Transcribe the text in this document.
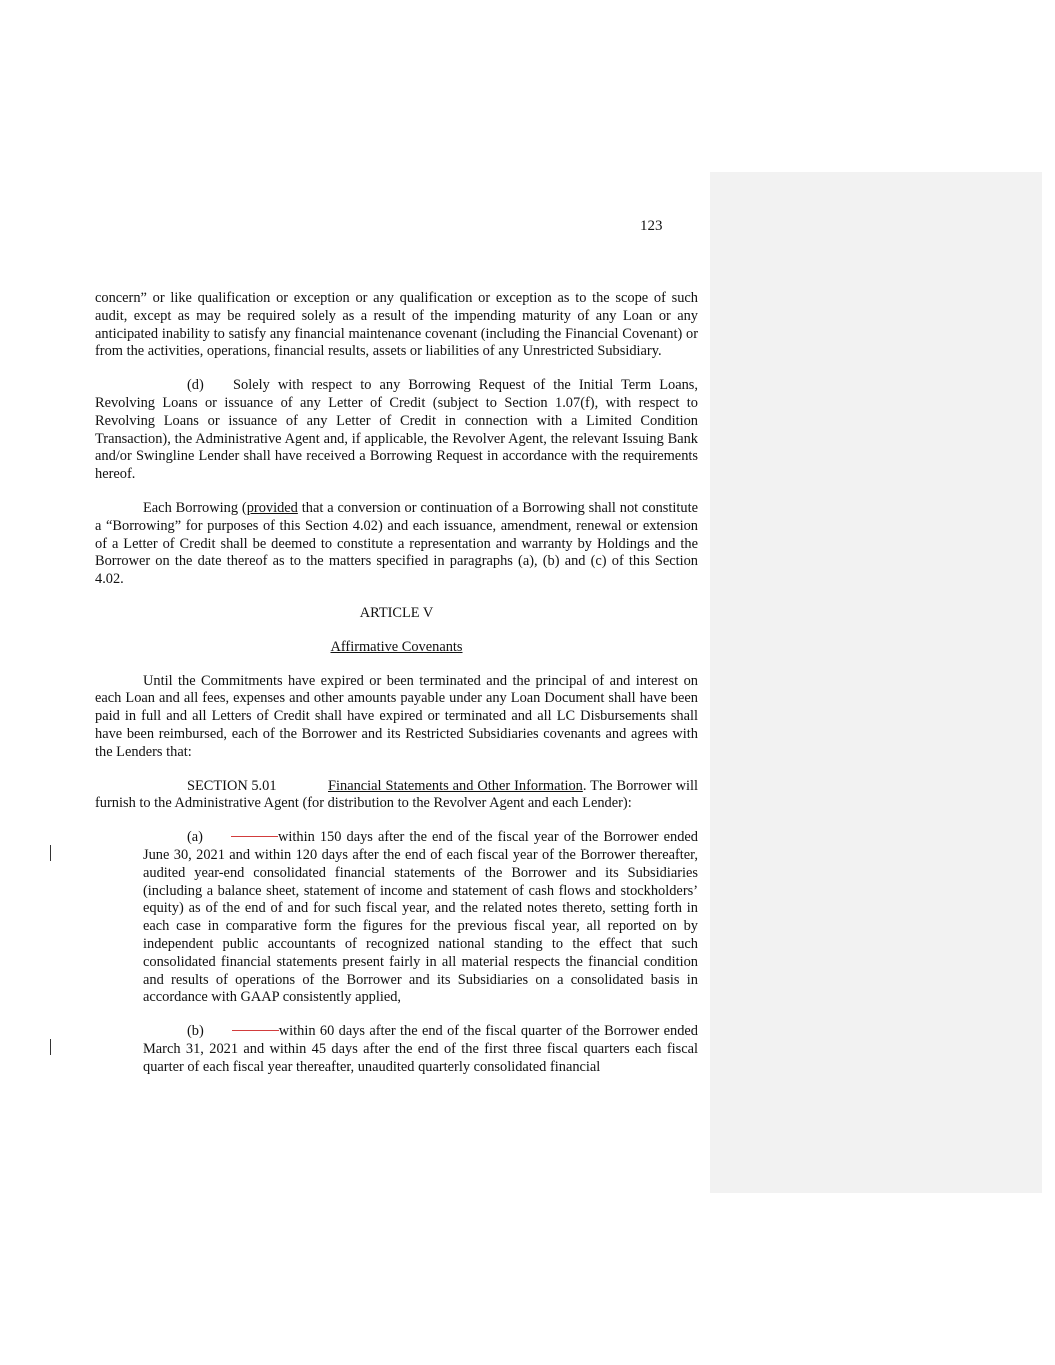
123

concern” or like qualification or exception or any qualification or exception as to the scope of such audit, except as may be required solely as a result of the impending maturity of any Loan or any anticipated inability to satisfy any financial maintenance covenant (including the Financial Covenant) or from the activities, operations, financial results, assets or liabilities of any Unrestricted Subsidiary.

(d) Solely with respect to any Borrowing Request of the Initial Term Loans, Revolving Loans or issuance of any Letter of Credit (subject to Section 1.07(f), with respect to Revolving Loans or issuance of any Letter of Credit in connection with a Limited Condition Transaction), the Administrative Agent and, if applicable, the Revolver Agent, the relevant Issuing Bank and/or Swingline Lender shall have received a Borrowing Request in accordance with the requirements hereof.

Each Borrowing (provided that a conversion or continuation of a Borrowing shall not constitute a “Borrowing” for purposes of this Section 4.02) and each issuance, amendment, renewal or extension of a Letter of Credit shall be deemed to constitute a representation and warranty by Holdings and the Borrower on the date thereof as to the matters specified in paragraphs (a), (b) and (c) of this Section 4.02.

ARTICLE V

Affirmative Covenants

Until the Commitments have expired or been terminated and the principal of and interest on each Loan and all fees, expenses and other amounts payable under any Loan Document shall have been paid in full and all Letters of Credit shall have expired or terminated and all LC Disbursements shall have been reimbursed, each of the Borrower and its Restricted Subsidiaries covenants and agrees with the Lenders that:

SECTION 5.01	Financial Statements and Other Information. The Borrower will furnish to the Administrative Agent (for distribution to the Revolver Agent and each Lender):

(a)	within 150 days after the end of the fiscal year of the Borrower ended June 30, 2021 and within 120 days after the end of each fiscal year of the Borrower thereafter, audited year-end consolidated financial statements of the Borrower and its Subsidiaries (including a balance sheet, statement of income and statement of cash flows and stockholders’ equity) as of the end of and for such fiscal year, and the related notes thereto, setting forth in each case in comparative form the figures for the previous fiscal year, all reported on by independent public accountants of recognized national standing to the effect that such consolidated financial statements present fairly in all material respects the financial condition and results of operations of the Borrower and its Subsidiaries on a consolidated basis in accordance with GAAP consistently applied,

(b)	within 60 days after the end of the fiscal quarter of the Borrower ended March 31, 2021 and within 45 days after the end of the first three fiscal quarters each fiscal quarter of each fiscal year thereafter, unaudited quarterly consolidated financial
